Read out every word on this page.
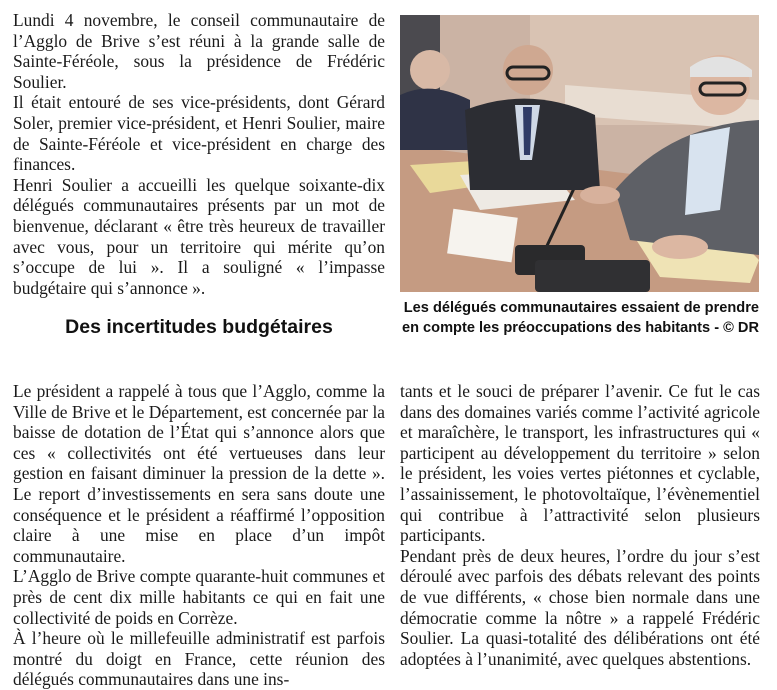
Lundi 4 novembre, le conseil communautaire de l’Agglo de Brive s’est réuni à la grande salle de Sainte-Féréole, sous la présidence de Frédéric Soulier.

Il était entouré de ses vice-présidents, dont Gérard Soler, premier vice-président, et Henri Soulier, maire de Sainte-Féréole et vice-président en charge des finances.

Henri Soulier a accueilli les quelque soixante-dix délégués communautaires présents par un mot de bienvenue, déclarant « être très heureux de travailler avec vous, pour un territoire qui mérite qu’on s’occupe de lui ». Il a souligné « l’impasse budgétaire qui s’annonce ».

Les délégués communautaires essaient de prendre en compte les préoccupations des habitants - © DR
Des incertitudes budgétaires

Le président a rappelé à tous que l’Agglo, comme la Ville de Brive et le Département, est concernée par la baisse de dotation de l’État qui s’annonce alors que ces « collectivités ont été vertueuses dans leur gestion en faisant diminuer la pression de la dette ». Le report d’investissements en sera sans doute une conséquence et le président a réaffirmé l’opposition claire à une mise en place d’un impôt communautaire.

L’Agglo de Brive compte quarante-huit communes et près de cent dix mille habitants ce qui en fait une collectivité de poids en Corrèze.

À l’heure où le millefeuille administratif est parfois montré du doigt en France, cette réunion des délégués communautaires dans une ins-

tants et le souci de préparer l’avenir. Ce fut le cas dans des domaines variés comme l’activité agricole et maraîchère, le transport, les infrastructures qui « participent au développement du territoire » selon le président, les voies vertes piétonnes et cyclable, l’assainissement, le photovoltaïque, l’évènementiel qui contribue à l’attractivité selon plusieurs participants.

Pendant près de deux heures, l’ordre du jour s’est déroulé avec parfois des débats relevant des points de vue différents, « chose bien normale dans une démocratie comme la nôtre » a rappelé Frédéric Soulier. La quasi-totalité des délibérations ont été adoptées à l’unanimité, avec quelques abstentions.
